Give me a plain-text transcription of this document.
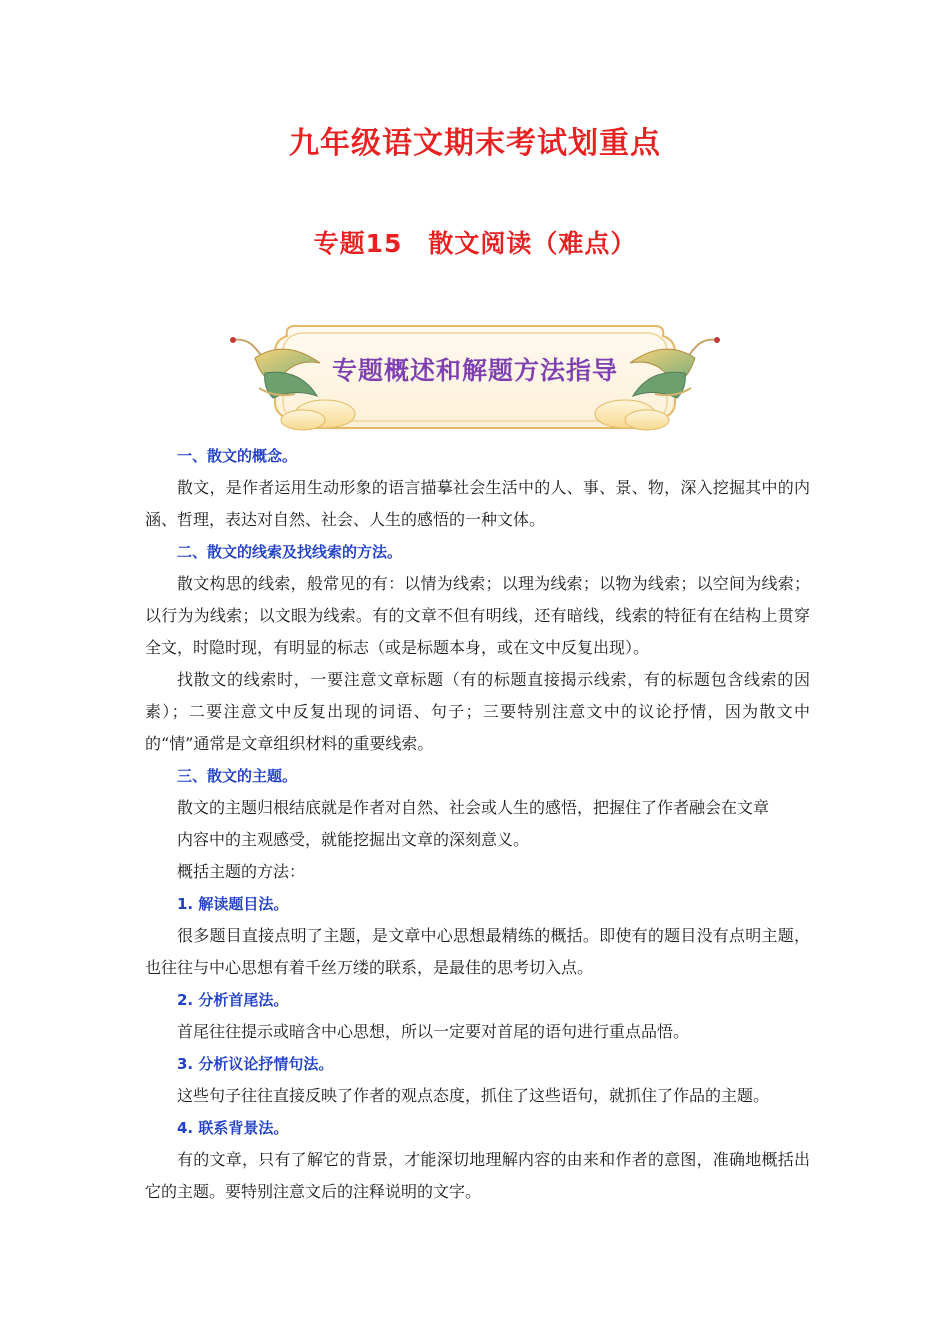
九年级语文期末考试划重点
专题15　散文阅读（难点）
专题概述和解题方法指导
一、散文的概念。
散文，是作者运用生动形象的语言描摹社会生活中的人、事、景、物，深入挖掘其中的内涵、哲理，表达对自然、社会、人生的感悟的一种文体。
二、散文的线索及找线索的方法。
散文构思的线索，般常见的有：以情为线索；以理为线索；以物为线索；以空间为线索；以行为为线索；以文眼为线索。有的文章不但有明线，还有暗线，线索的特征有在结构上贯穿全文，时隐时现，有明显的标志（或是标题本身，或在文中反复出现）。
找散文的线索时，一要注意文章标题（有的标题直接揭示线索，有的标题包含线索的因素）；二要注意文中反复出现的词语、句子；三要特别注意文中的议论抒情，因为散文中的“情”通常是文章组织材料的重要线索。
三、散文的主题。
散文的主题归根结底就是作者对自然、社会或人生的感悟，把握住了作者融会在文章
内容中的主观感受，就能挖掘出文章的深刻意义。
概括主题的方法：
1. 解读题目法。
很多题目直接点明了主题，是文章中心思想最精练的概括。即使有的题目没有点明主题，也往往与中心思想有着千丝万缕的联系，是最佳的思考切入点。
2. 分析首尾法。
首尾往往提示或暗含中心思想，所以一定要对首尾的语句进行重点品悟。
3. 分析议论抒情句法。
这些句子往往直接反映了作者的观点态度，抓住了这些语句，就抓住了作品的主题。
4. 联系背景法。
有的文章，只有了解它的背景，才能深切地理解内容的由来和作者的意图，准确地概括出它的主题。要特别注意文后的注释说明的文字。
